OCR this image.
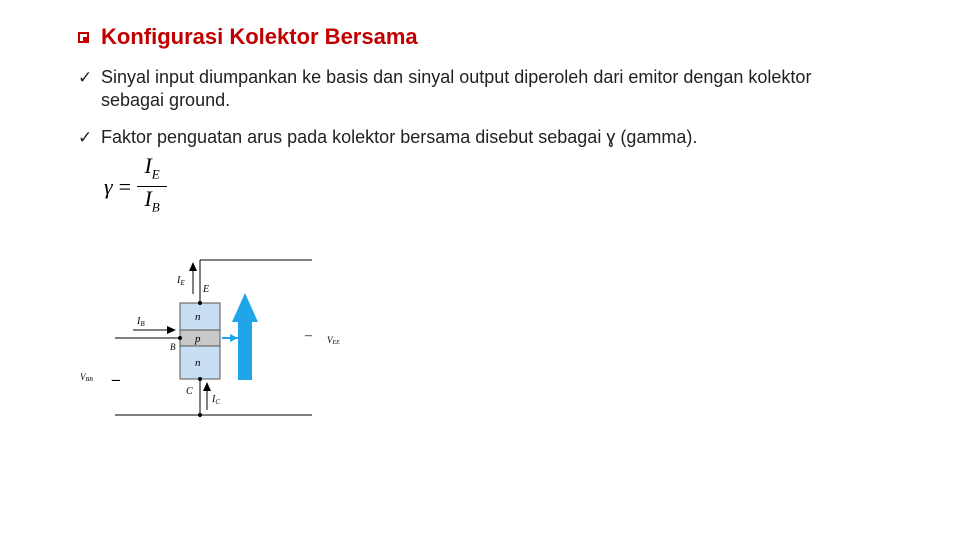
Konfigurasi Kolektor Bersama
✓ Sinyal input diumpankan ke basis dan sinyal output diperoleh dari emitor dengan kolektor sebagai ground.
✓ Faktor penguatan arus pada kolektor bersama disebut sebagai ɣ (gamma).
$\gamma = \frac{I_E}{I_B}$
$I_E$
E
n
p
n
$I_B$
B
C
$I_C$
– VEE
VBB –
